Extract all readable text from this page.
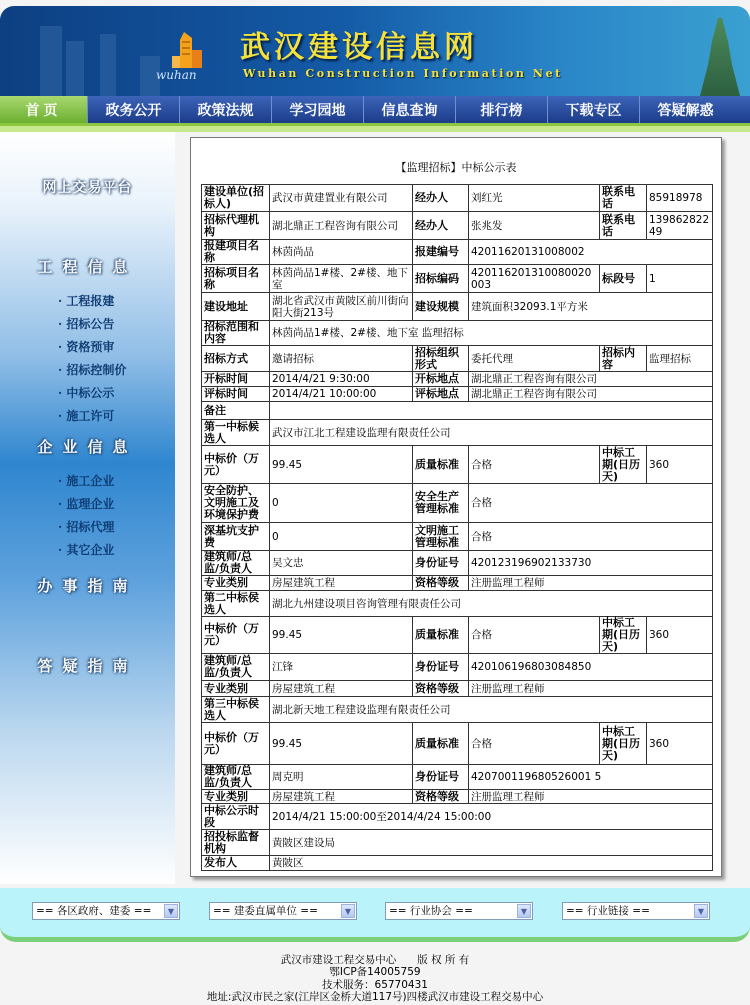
wuhan
武汉建设信息网
Wuhan Construction Information Net
首页	政务公开	政策法规	学习园地	信息查询	排行榜	下载专区	答疑解惑
网上交易平台
工程信息
企业信息
办事指南
答疑指南
· 工程报建
· 招标公告
· 资格预审
· 招标控制价
· 中标公示
· 施工许可
· 施工企业
· 监理企业
· 招标代理
· 其它企业
【监理招标】中标公示表
建设单位(招标人)	武汉市黄建置业有限公司	经办人	刘红光	联系电话	85918978
招标代理机构	湖北鼎正工程咨询有限公司	经办人	张兆发	联系电话	13986282249
报建项目名称	林茵尚品	报建编号	42011620131008002		
招标项目名称	林茵尚品1#楼、2#楼、地下室	招标编码	420116201310080020003	标段号	1
建设地址	湖北省武汉市黄陂区前川街向阳大街213号	建设规模	建筑面积32093.1平方米		
招标范围和内容	林茵尚品1#楼、2#楼、地下室 监理招标				
招标方式	邀请招标	招标组织形式	委托代理	招标内容	监理招标
开标时间	2014/4/21 9:30:00	开标地点	湖北鼎正工程咨询有限公司		
评标时间	2014/4/21 10:00:00	评标地点	湖北鼎正工程咨询有限公司		
备注					
第一中标候选人	武汉市江北工程建设监理有限责任公司				
中标价（万元）	99.45	质量标准	合格	中标工期(日历天)	360
安全防护、文明施工及环境保护费	0	安全生产管理标准	合格		
深基坑支护费	0	文明施工管理标准	合格		
建筑师/总监/负责人	吴文忠	身份证号	420123196902133730		
专业类别	房屋建筑工程	资格等级	注册监理工程师		
第二中标侯选人	湖北九州建设项目咨询管理有限责任公司				
中标价（万元）	99.45	质量标准	合格	中标工期(日历天)	360
建筑师/总监/负责人	江锋	身份证号	420106196803084850		
专业类别	房屋建筑工程	资格等级	注册监理工程师		
第三中标侯选人	湖北新天地工程建设监理有限责任公司				
中标价（万元）	99.45	质量标准	合格	中标工期(日历天)	360
建筑师/总监/负责人	周克明	身份证号	420700119680526001 5		
专业类别	房屋建筑工程	资格等级	注册监理工程师		
中标公示时段	2014/4/21 15:00:00至2014/4/24 15:00:00				
招投标监督机构	黄陂区建设局				
发布人	黄陂区				
== 各区政府、建委 ==	▼	== 建委直属单位 ==	▼	== 行业协会 ==	▼	== 行业链接 ==	▼
武汉市建设工程交易中心　　版 权 所 有
鄂ICP备14005759
技术服务：65770431
地址:武汉市民之家(江岸区金桥大道117号)四楼武汉市建设工程交易中心
